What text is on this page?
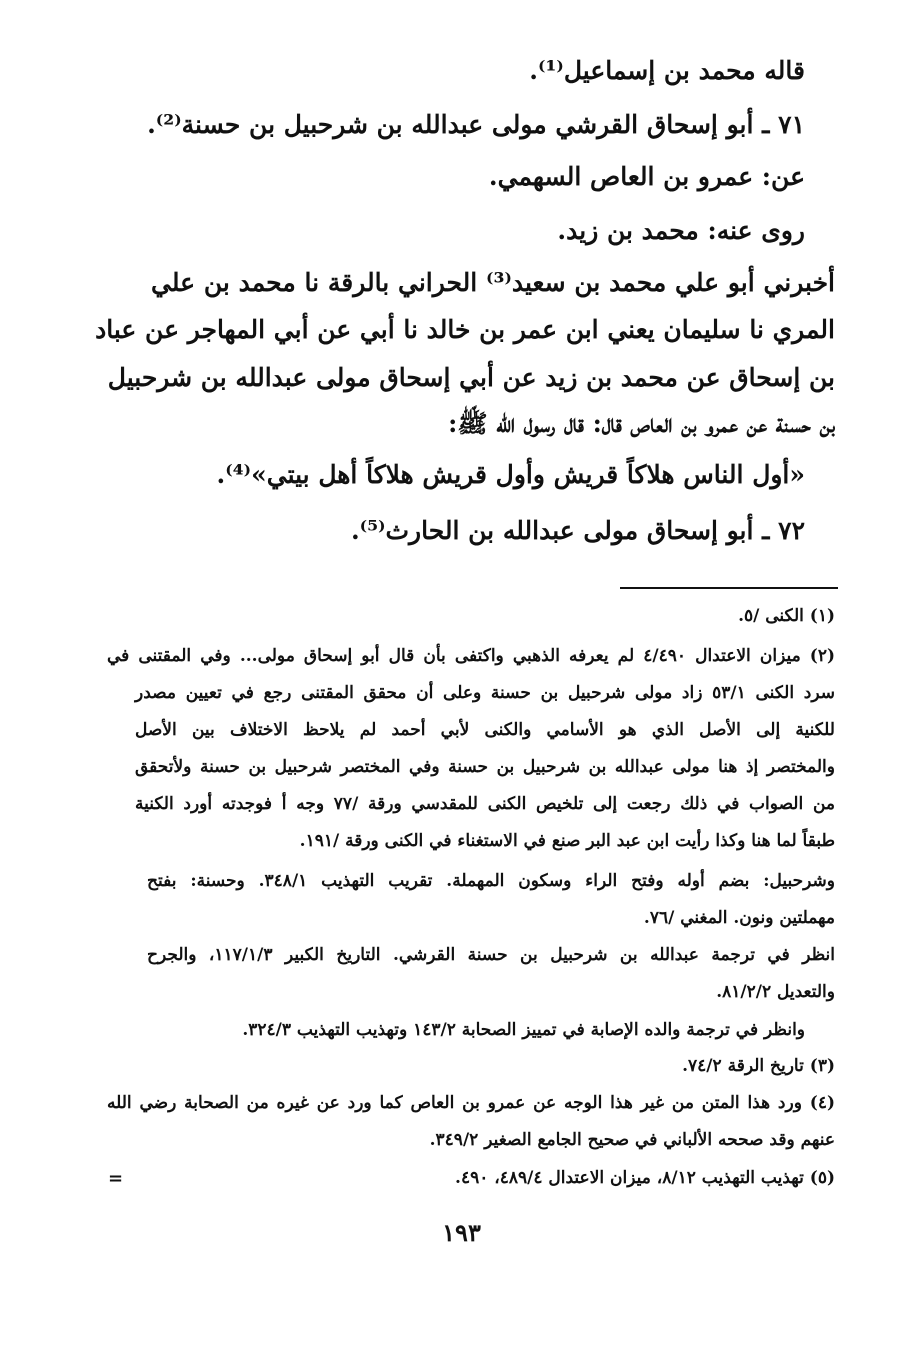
قاله محمد بن إسماعيل⁽¹⁾.

٧١ ـ أبو إسحاق القرشي مولى عبدالله بن شرحبيل بن حسنة⁽²⁾.

عن: عمرو بن العاص السهمي.

روى عنه: محمد بن زيد.

أخبرني أبو علي محمد بن سعيد⁽³⁾ الحراني بالرقة نا محمد بن علي

المري نا سليمان يعني ابن عمر بن خالد نا أبي عن أبي المهاجر عن عباد

بن إسحاق عن محمد بن زيد عن أبي إسحاق مولى عبدالله بن شرحبيل

بن حسنة عن عمرو بن العاص قال: قال رسول الله ﷺ:

«أول الناس هلاكاً قريش وأول قريش هلاكاً أهل بيتي»⁽⁴⁾.

٧٢ ـ أبو إسحاق مولى عبدالله بن الحارث⁽⁵⁾.

(١) الكنى /٥.

(٢) ميزان الاعتدال ٤/٤٩٠ لم يعرفه الذهبي واكتفى بأن قال أبو إسحاق مولى... وفي المقتنى في

سرد الكنى ٥٣/١ زاد مولى شرحبيل بن حسنة وعلى أن محقق المقتنى رجع في تعيين مصدر

للكنية إلى الأصل الذي هو الأسامي والكنى لأبي أحمد لم يلاحظ الاختلاف بين الأصل

والمختصر إذ هنا مولى عبدالله بن شرحبيل بن حسنة وفي المختصر شرحبيل بن حسنة ولأتحقق

من الصواب في ذلك رجعت إلى تلخيص الكنى للمقدسي ورقة /٧٧ وجه أ فوجدته أورد الكنية

طبقاً لما هنا وكذا رأيت ابن عبد البر صنع في الاستغناء في الكنى ورقة /١٩١.

وشرحبيل: بضم أوله وفتح الراء وسكون المهملة. تقريب التهذيب ٣٤٨/١. وحسنة: بفتح

مهملتين ونون. المغني /٧٦.

انظر في ترجمة عبدالله بن شرحبيل بن حسنة القرشي. التاريخ الكبير ١١٧/١/٣، والجرح

والتعديل ٨١/٢/٢.

وانظر في ترجمة والده الإصابة في تمييز الصحابة ١٤٣/٢ وتهذيب التهذيب ٣٢٤/٣.

(٣) تاريخ الرقة ٧٤/٢.

(٤) ورد هذا المتن من غير هذا الوجه عن عمرو بن العاص كما ورد عن غيره من الصحابة رضي الله

عنهم وقد صححه الألباني في صحيح الجامع الصغير ٣٤٩/٢.

(٥) تهذيب التهذيب ٨/١٢، ميزان الاعتدال ٤٨٩/٤، ٤٩٠.

=
١٩٣
